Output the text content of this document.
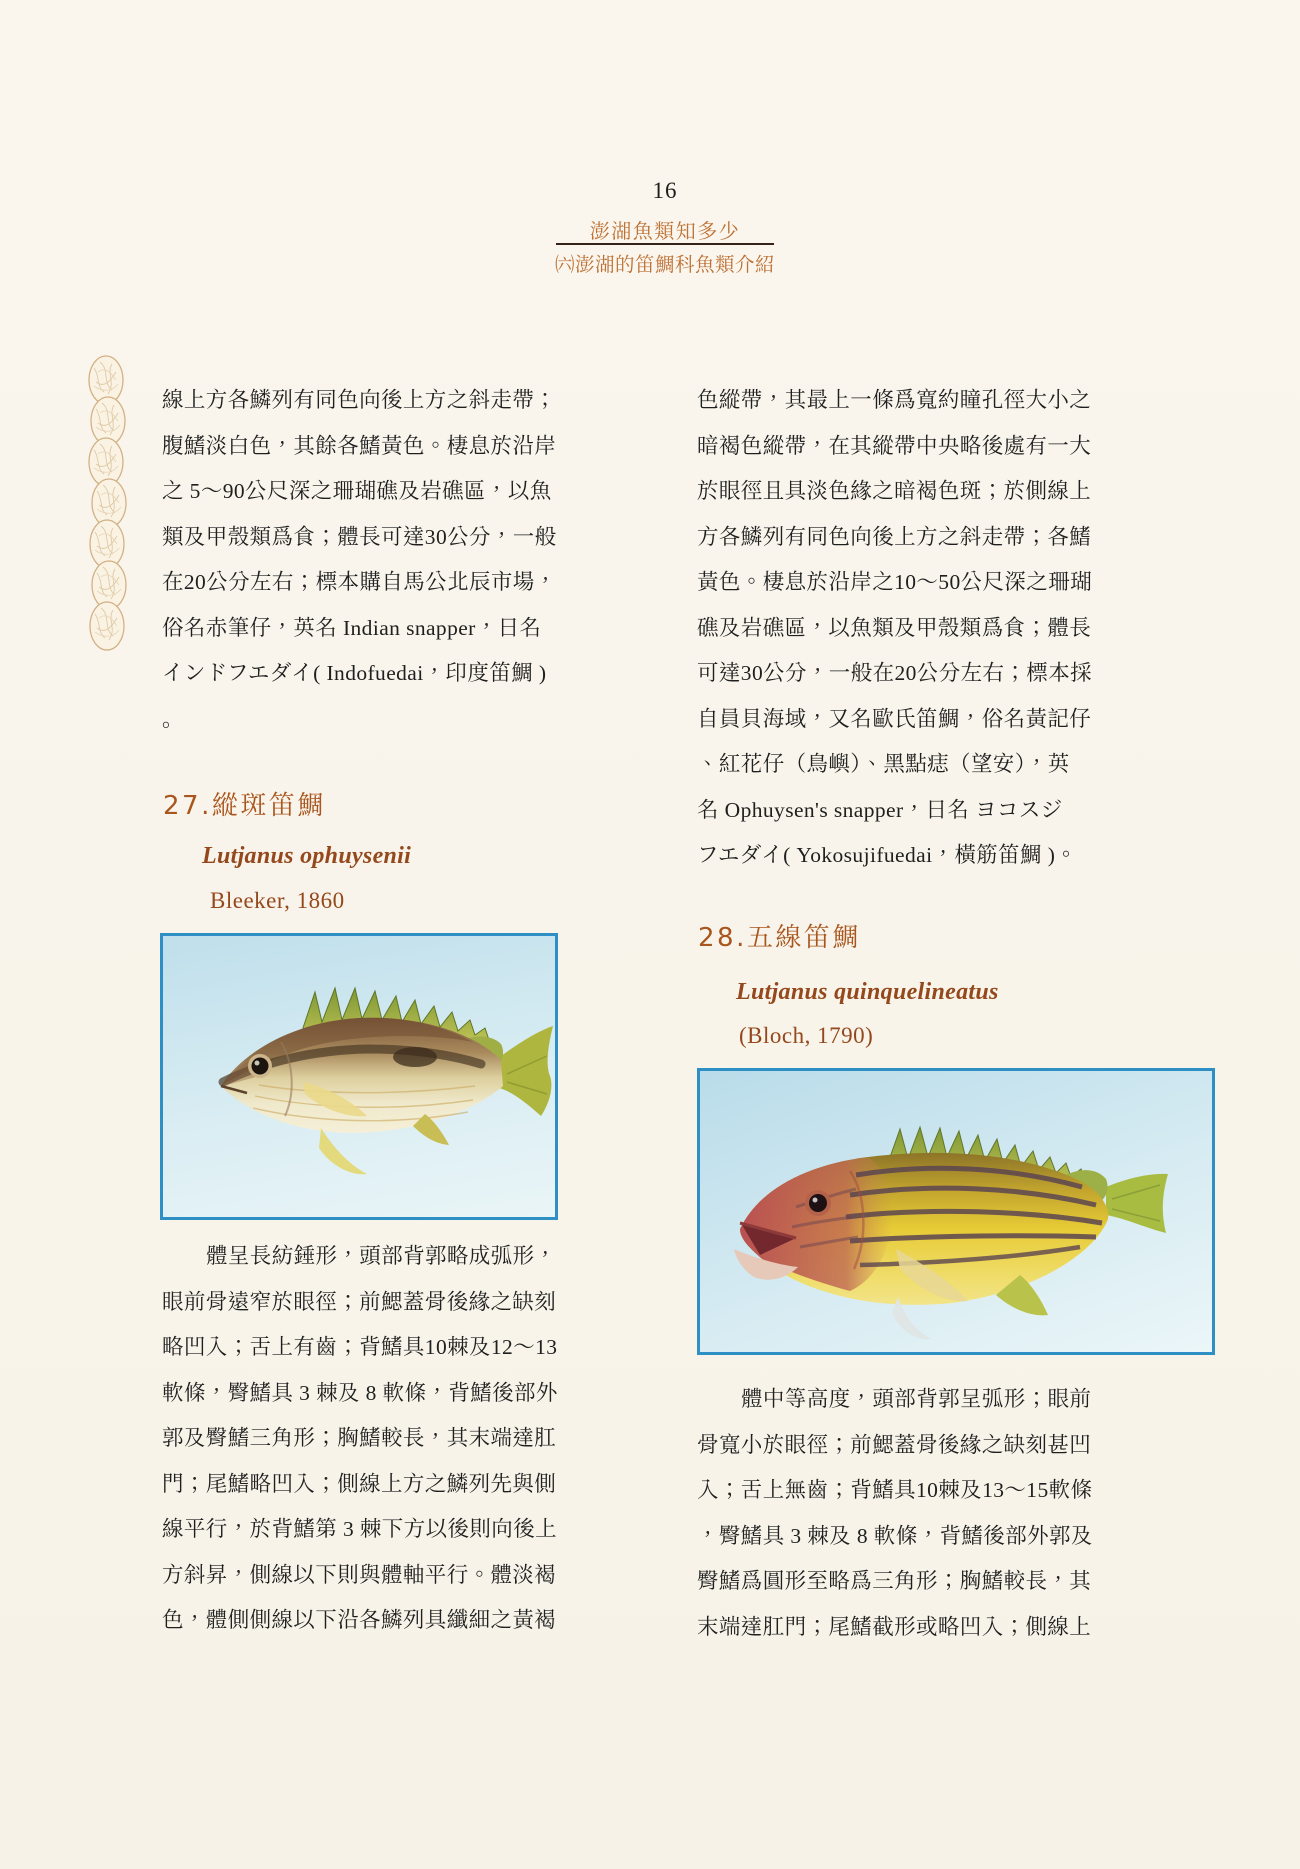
16
澎湖魚類知多少
㈥澎湖的笛鯛科魚類介紹
線上方各鱗列有同色向後上方之斜走帶；
腹鰭淡白色，其餘各鰭黃色。棲息於沿岸
之 5～90公尺深之珊瑚礁及岩礁區，以魚
類及甲殼類爲食；體長可達30公分，一般
在20公分左右；標本購自馬公北辰市場，
俗名赤筆仔，英名 Indian snapper，日名
インドフエダイ( Indofuedai，印度笛鯛 )
。
27.縱斑笛鯛
Lutjanus ophuysenii
Bleeker, 1860
體呈長紡錘形，頭部背郭略成弧形，
眼前骨遠窄於眼徑；前鰓蓋骨後緣之缺刻
略凹入；舌上有齒；背鰭具10棘及12～13
軟條，臀鰭具 3 棘及 8 軟條，背鰭後部外
郭及臀鰭三角形；胸鰭較長，其末端達肛
門；尾鰭略凹入；側線上方之鱗列先與側
線平行，於背鰭第 3 棘下方以後則向後上
方斜昇，側線以下則與體軸平行。體淡褐
色，體側側線以下沿各鱗列具纖細之黃褐
色縱帶，其最上一條爲寬約瞳孔徑大小之
暗褐色縱帶，在其縱帶中央略後處有一大
於眼徑且具淡色緣之暗褐色斑；於側線上
方各鱗列有同色向後上方之斜走帶；各鰭
黃色。棲息於沿岸之10～50公尺深之珊瑚
礁及岩礁區，以魚類及甲殼類爲食；體長
可達30公分，一般在20公分左右；標本採
自員貝海域，又名歐氏笛鯛，俗名黃記仔
、紅花仔（鳥嶼）、黑點痣（望安），英
名 Ophuysen's snapper，日名 ヨコスジ
フエダイ( Yokosujifuedai，橫筋笛鯛 )。
28.五線笛鯛
Lutjanus quinquelineatus
(Bloch, 1790)
體中等高度，頭部背郭呈弧形；眼前
骨寬小於眼徑；前鰓蓋骨後緣之缺刻甚凹
入；舌上無齒；背鰭具10棘及13～15軟條
，臀鰭具 3 棘及 8 軟條，背鰭後部外郭及
臀鰭爲圓形至略爲三角形；胸鰭較長，其
末端達肛門；尾鰭截形或略凹入；側線上
